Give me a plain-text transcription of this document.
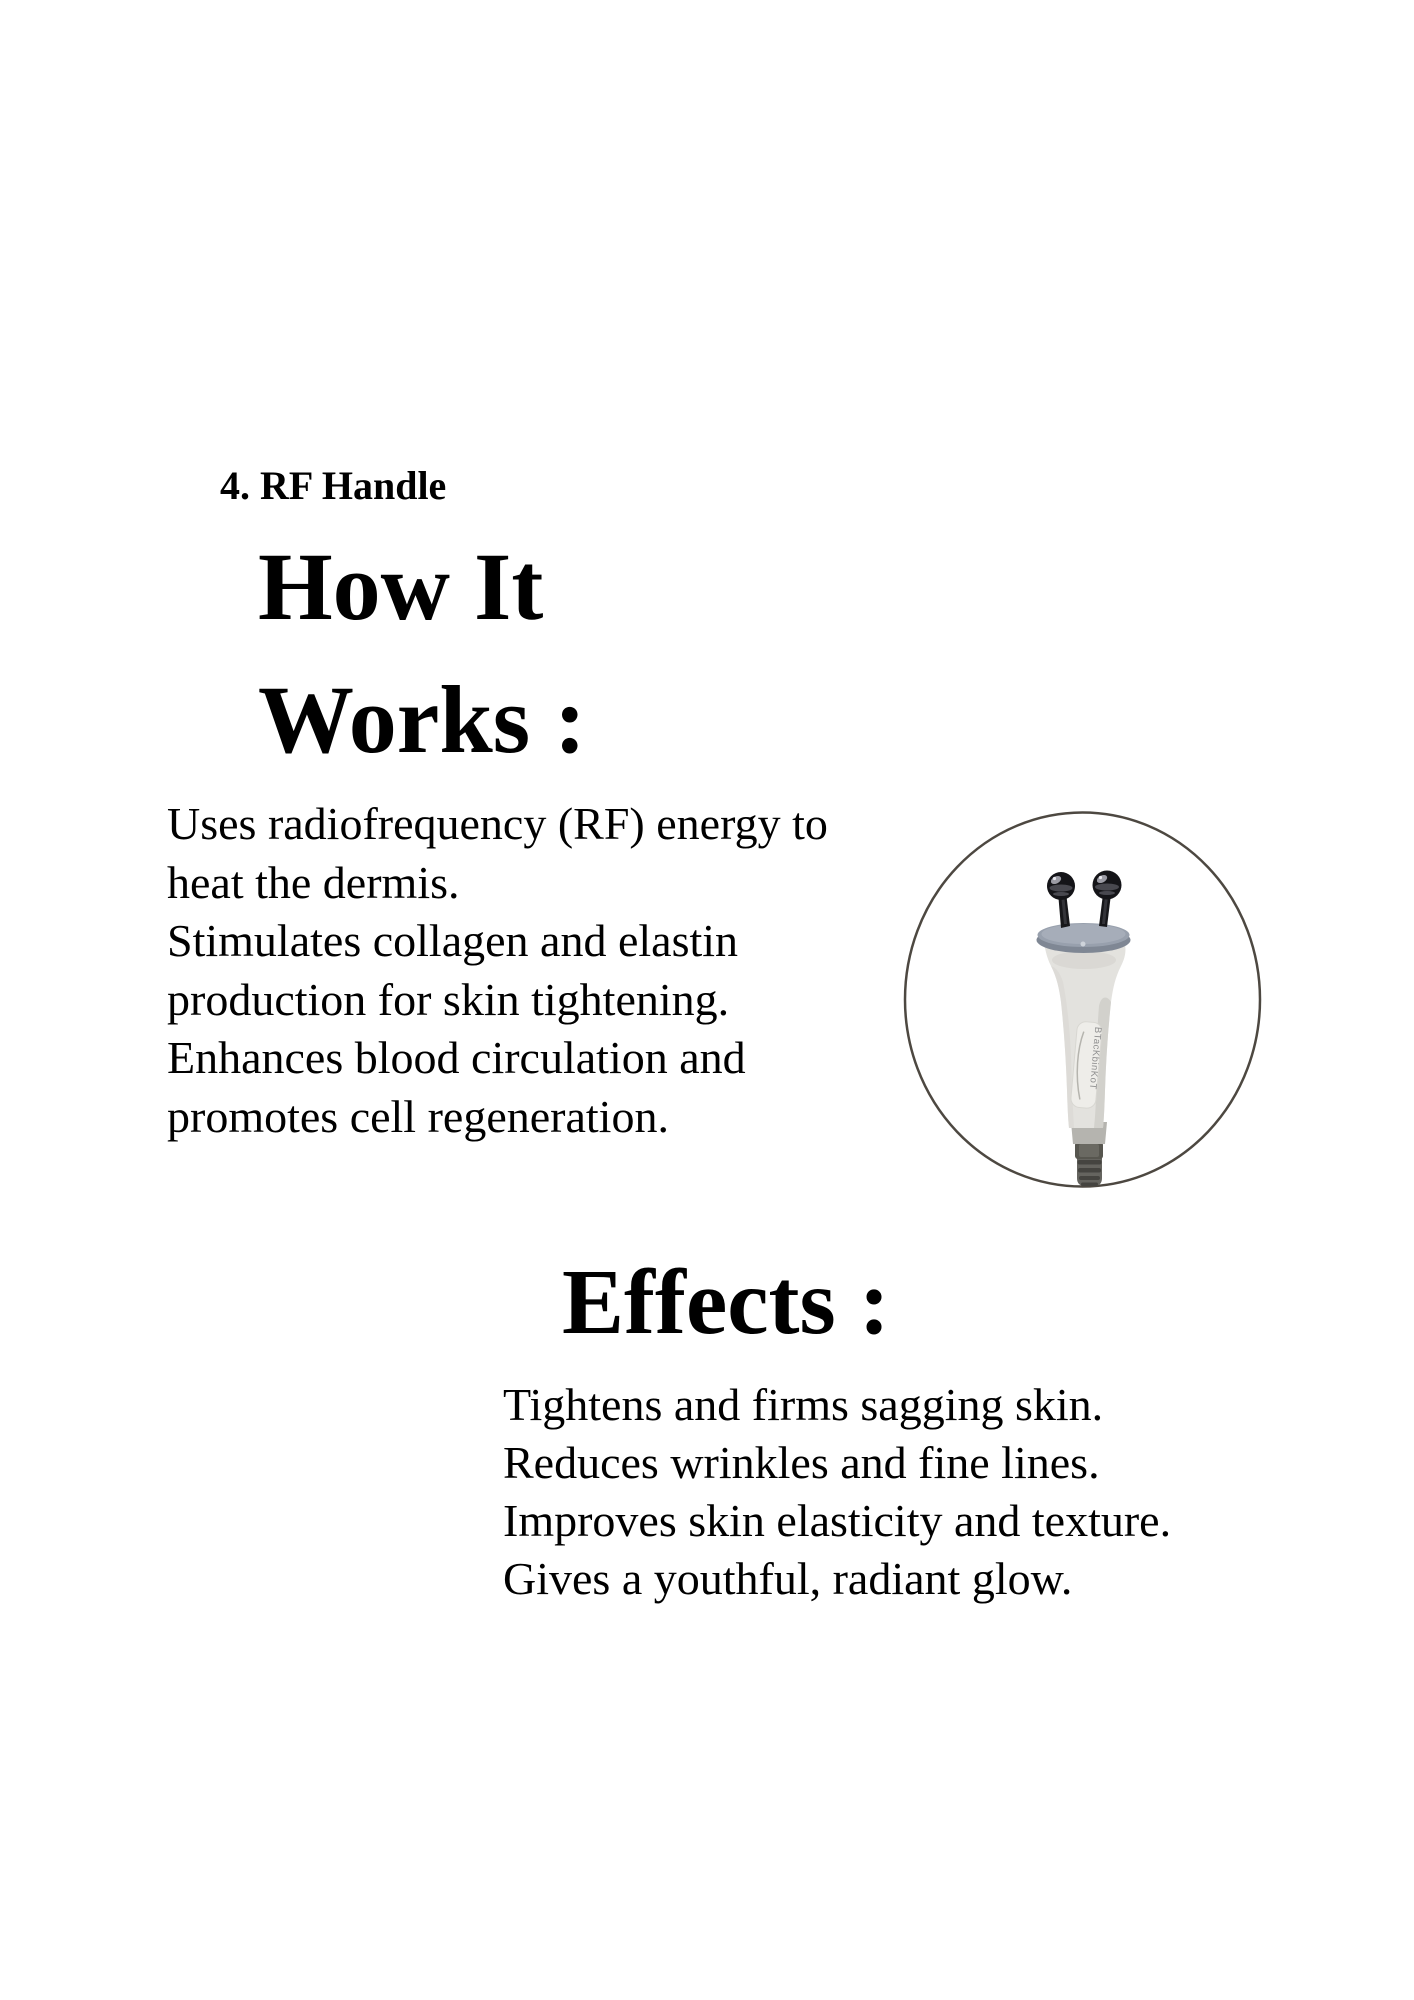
4. RF Handle
How It
Works :
Uses radiofrequency (RF) energy to
heat the dermis.
Stimulates collagen and elastin
production for skin tightening.
Enhances blood circulation and
promotes cell regeneration.
BTacKbinKoT
Effects :
Tightens and firms sagging skin.
Reduces wrinkles and fine lines.
Improves skin elasticity and texture.
Gives a youthful, radiant glow.
